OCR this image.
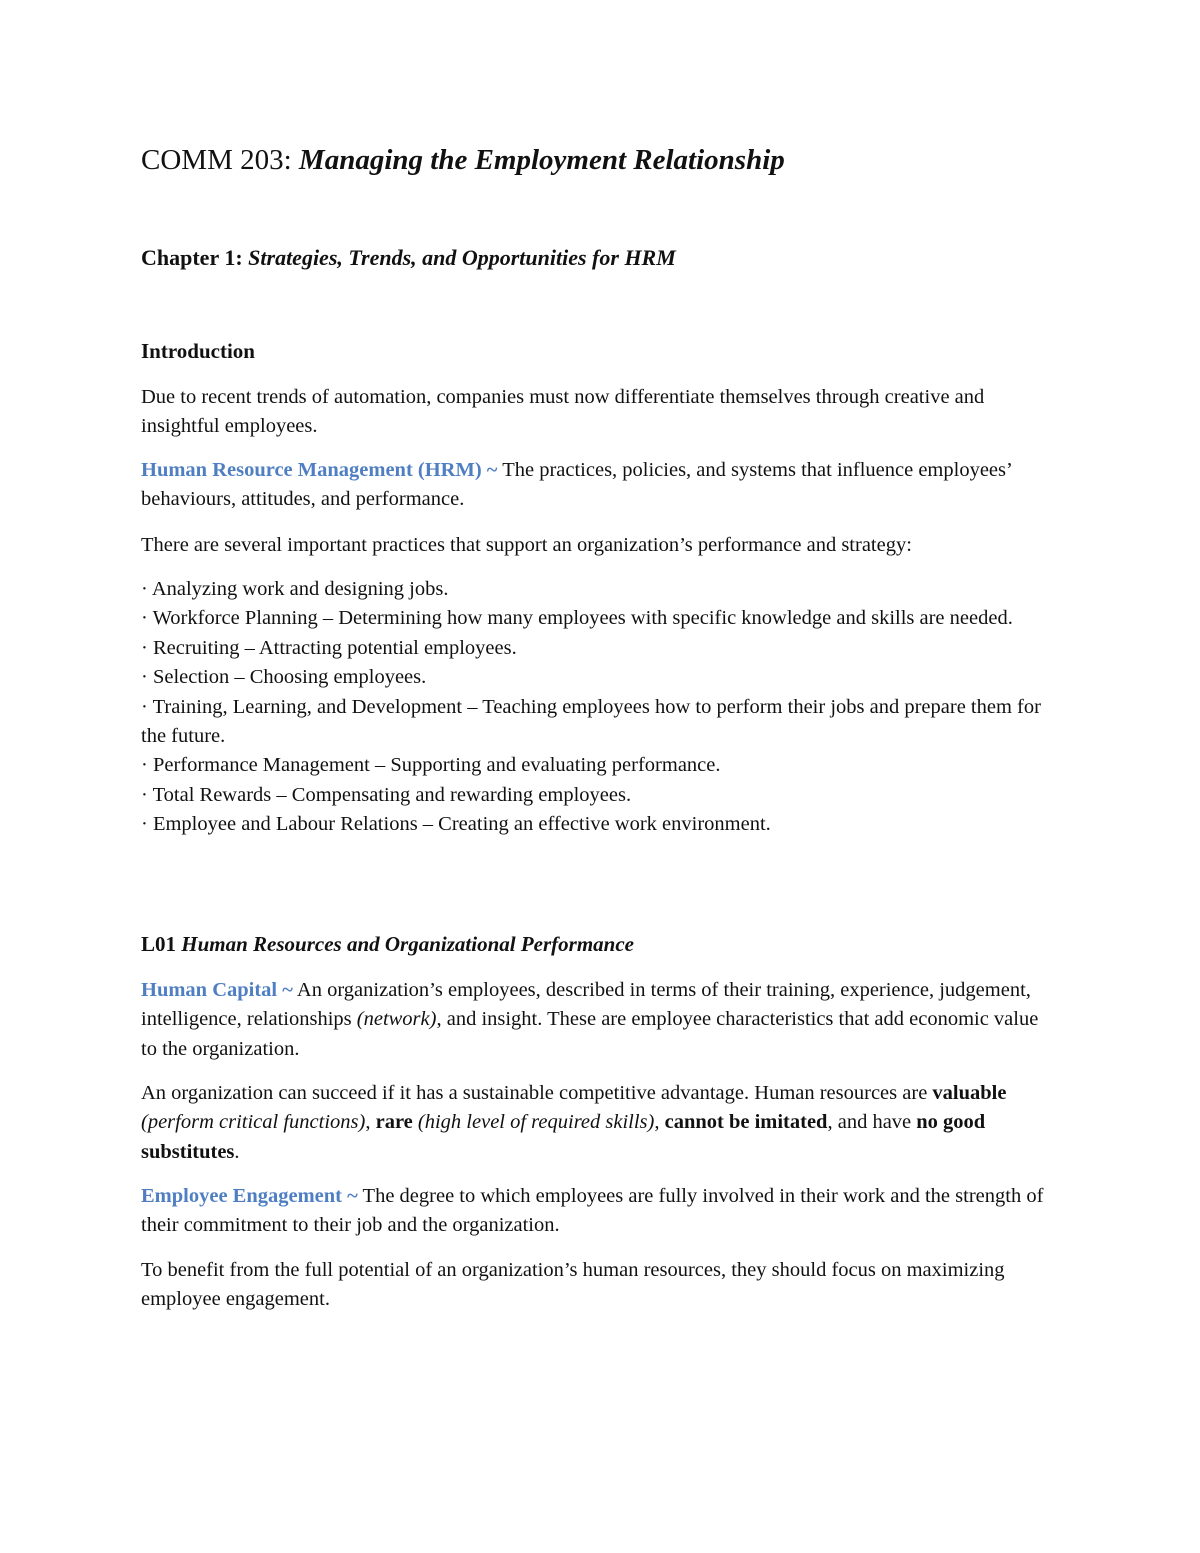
COMM 203: Managing the Employment Relationship
Chapter 1: Strategies, Trends, and Opportunities for HRM
Introduction

Due to recent trends of automation, companies must now differentiate themselves through creative and insightful employees.

Human Resource Management (HRM) ~ The practices, policies, and systems that influence employees’ behaviours, attitudes, and performance.

There are several important practices that support an organization’s performance and strategy:

· Analyzing work and designing jobs.
· Workforce Planning – Determining how many employees with specific knowledge and skills are needed.
· Recruiting – Attracting potential employees.
· Selection – Choosing employees.
· Training, Learning, and Development – Teaching employees how to perform their jobs and prepare them for the future.
· Performance Management – Supporting and evaluating performance.
· Total Rewards – Compensating and rewarding employees.
· Employee and Labour Relations – Creating an effective work environment.
L01 Human Resources and Organizational Performance

Human Capital ~ An organization’s employees, described in terms of their training, experience, judgement, intelligence, relationships (network), and insight. These are employee characteristics that add economic value to the organization.

An organization can succeed if it has a sustainable competitive advantage. Human resources are valuable (perform critical functions), rare (high level of required skills), cannot be imitated, and have no good substitutes.

Employee Engagement ~ The degree to which employees are fully involved in their work and the strength of their commitment to their job and the organization.

To benefit from the full potential of an organization’s human resources, they should focus on maximizing employee engagement.
